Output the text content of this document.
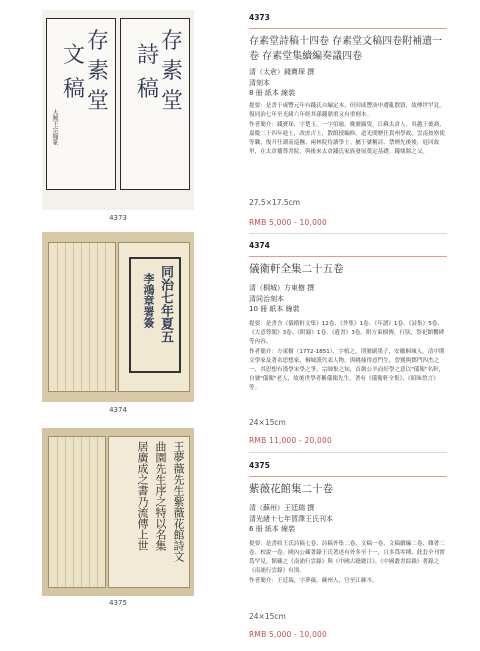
存
素
堂
文
稿
大興王宗翰篆
存
素
堂
詩
稿
4373
4373
存素堂詩稿十四卷 存素堂文稿四卷附補遺一卷 存素堂集續編奏議四卷
清（太倉）錢寶琛 撰
清刻本
8 冊 紙本 線裝

提要：是書于咸豐元年有錢氏自編定本，但因咸豐庚申遭亂散毀，故傳世罕見。復同治七年至光緒六年經其孫錢鼎重又有重刻本。

作者簡介：錢寶琛，字楚玉，一字伯瑜，晚號頤叟，江蘇太倉人。吳越王後裔，嘉慶二十四年進士，改庶吉士，散館授編修。道光間歷任貴州學政、雲南按察使等職，復升任湖南巡撫、兩林院侍讀學士。屬于號稱詩、禁煙先後後，返回故里，在太倉播尊書院，與後來太倉錢氏家族發展奠定基礎。錢鼎銘之父。

27.5×17.5cm
RMB 5,000 - 10,000
同治七年夏五
李鴻章署簽
4374
4374
儀衛軒全集二十五卷
清（桐城）方東樹 撰
清同治刻本
10 冊 紙本 線裝

提要：是書含《儀衛軒文集》12卷、《外集》1卷、《年譜》1卷、《詩集》5卷、《大意尊聞》3卷、《附錄》1卷、《遺書》3卷。附方東樹傳，行狀，祭祀館饗碑等內容。

作者簡介：方東樹（1772-1851），字植之，別號副墨子，安徽桐城人。清中期文學家及著名思想家，桐城派代表人物。與姚鼐得意門生，曾賽與鄧門四杰之一，其思想有漢學宋學之爭、宗師集之知，首創公羊而好學之意以"儀衛"名軒，自號"儀衛"老人，故後世學者稱儀衛先生，著有《儀衛軒全集》、《昭昧詹言》等。

24×15cm
RMB 11,000 - 20,000
王夢薇先生紫薇花館詩文
曲園先生序之特以名集
居廣成之書乃流傳上世
4375
4375
紫薇花館集二十卷
清（蘇州）王廷瑞 撰
清光緒十七年賀澤王氏刊本
6 冊 紙本 線裝

提要：是書收王氏詩稿七卷、詩稿外集二卷、文稿一卷、文稿續編二卷、雜著二卷、校說一卷。國內公藏著錄王氏著述有外多至于一，且多爲零種，此套全刊實爲罕見。館藏之《南浦行雲錄》與《中國古籍總目》、《中國叢書綜錄》著錄之《南浦行雲錄》有別。

作者簡介：王廷瑞，字夢薇，蘇州人，官至江蘇丞。

24×15cm
RMB 5,000 - 10,000
